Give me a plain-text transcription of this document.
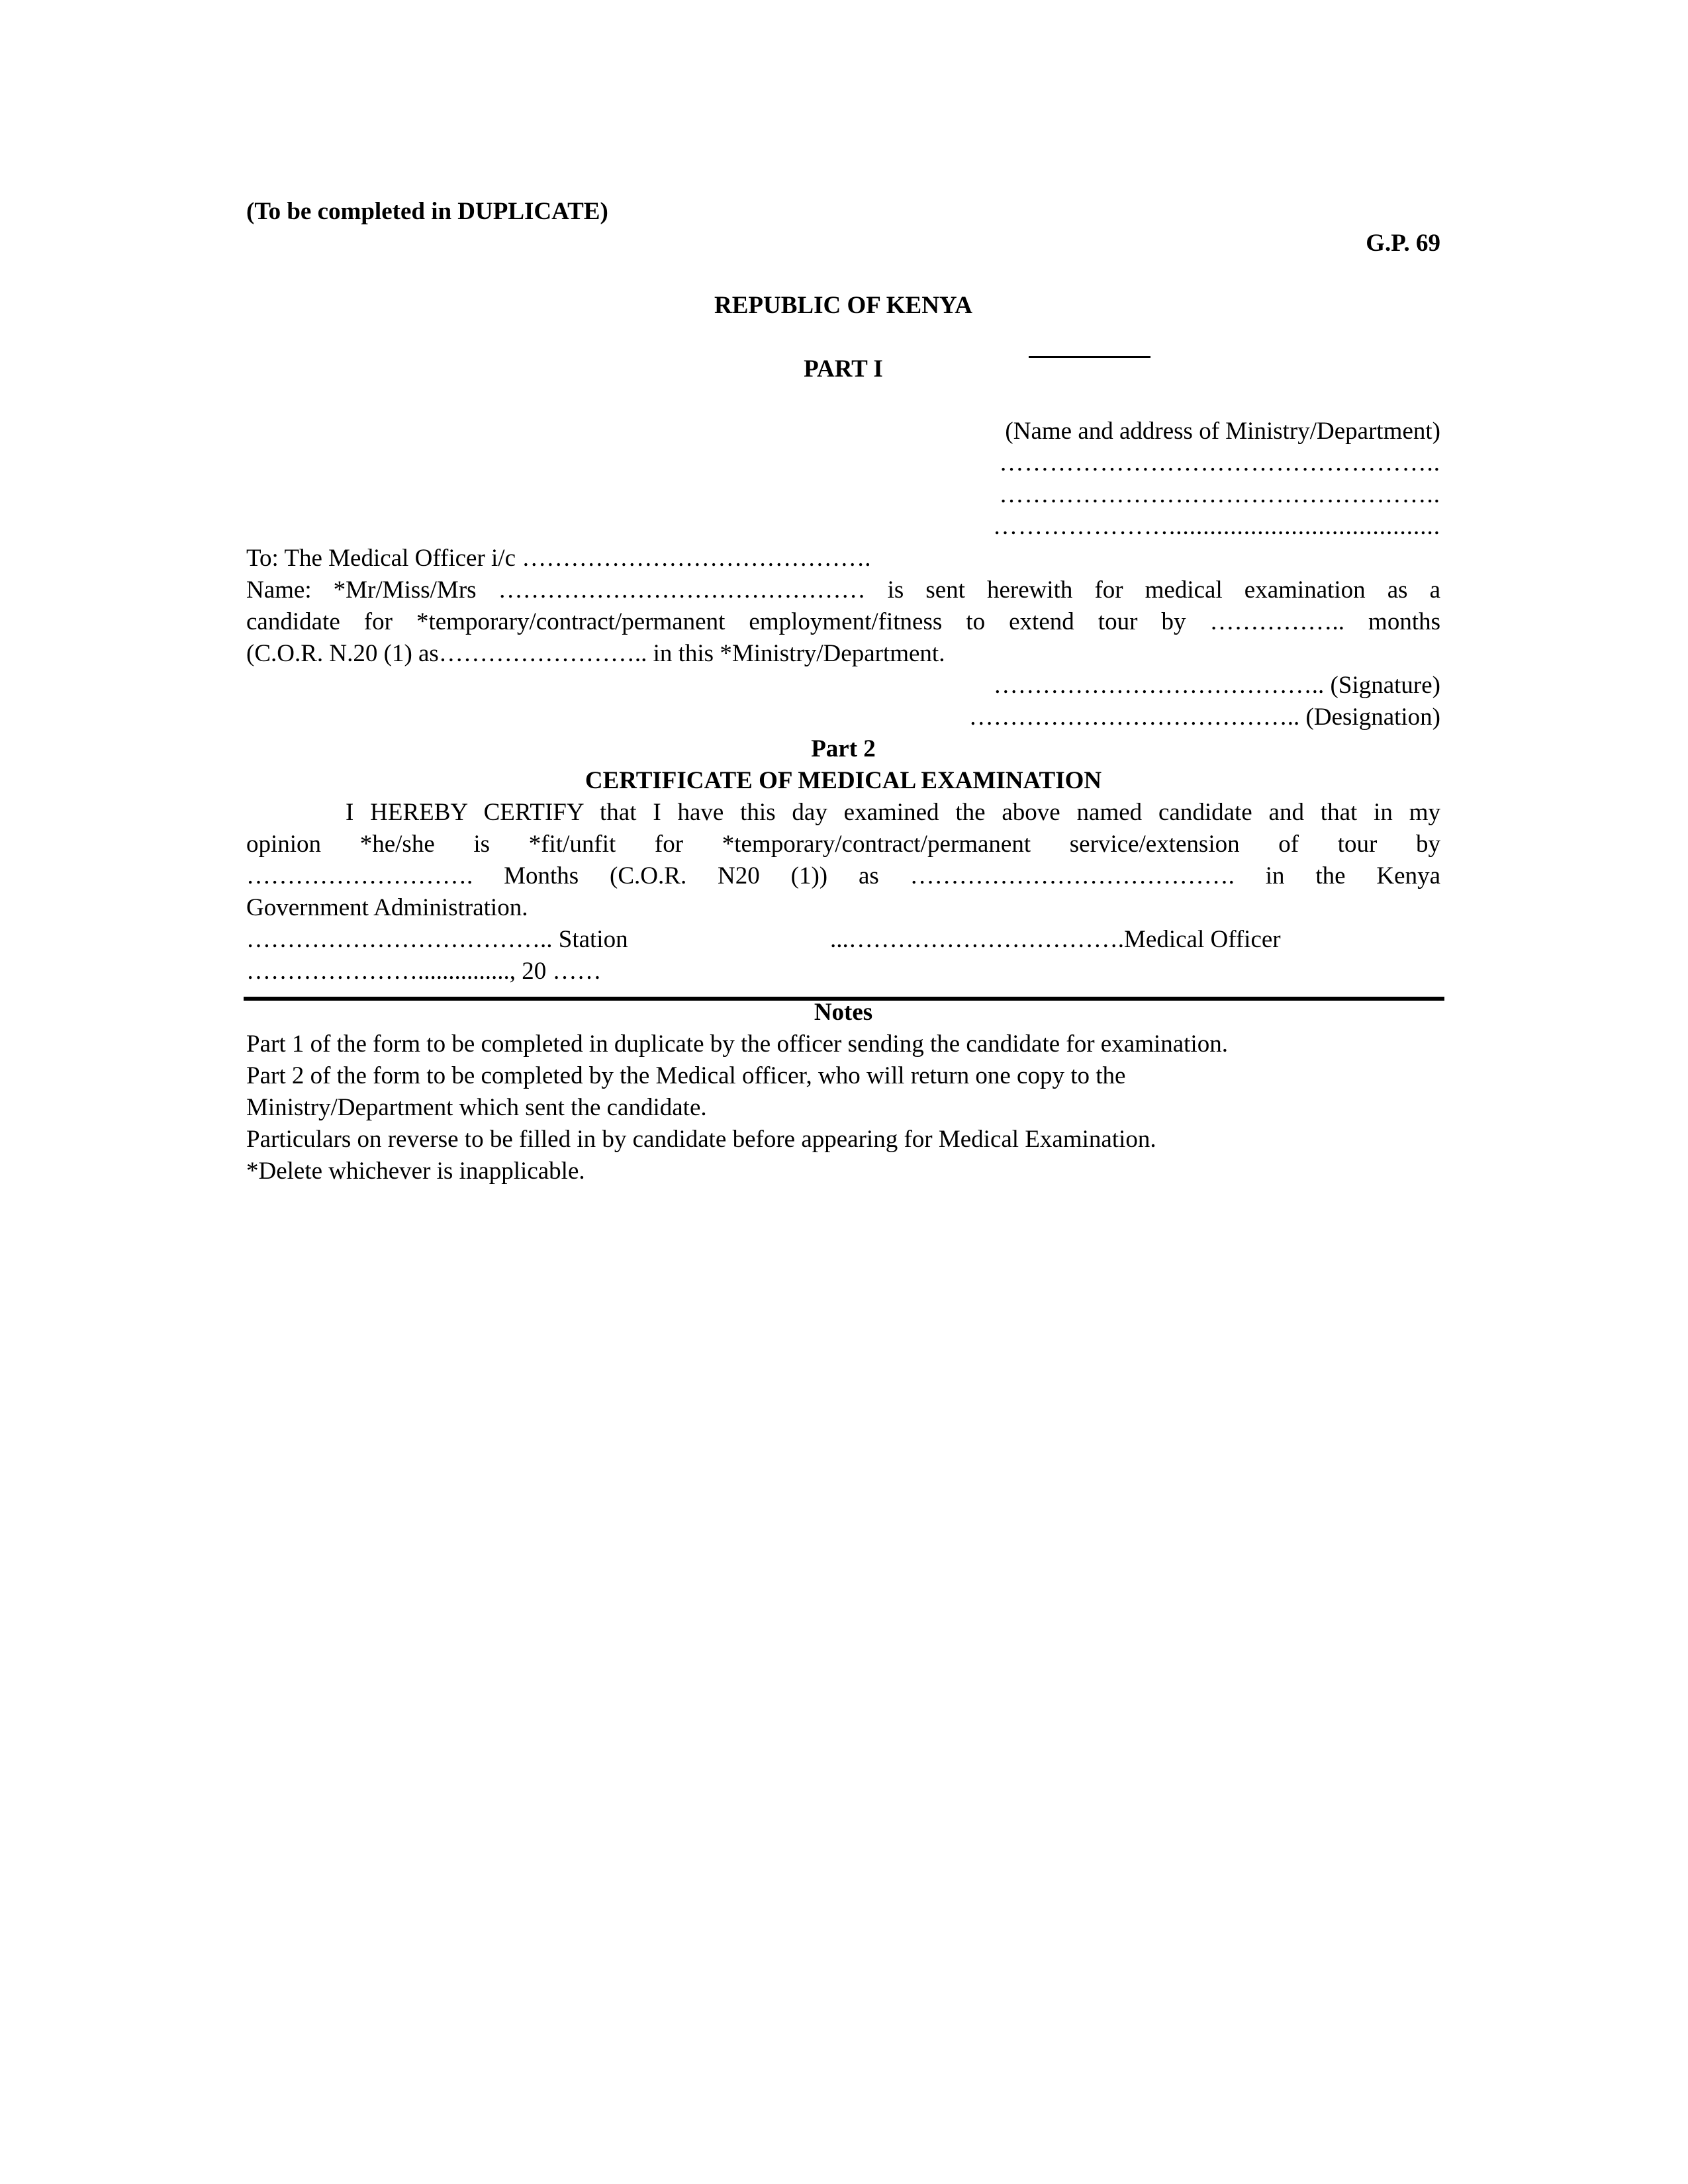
(To be completed in DUPLICATE)
G.P. 69
REPUBLIC OF KENYA
PART I
(Name and address of Ministry/Department)
……………………………………………..
……………………………………………..
…………………........................................
To: The Medical Officer i/c …………………………………….
Name: *Mr/Miss/Mrs ……………………………………… is sent herewith for medical examination as a
candidate for *temporary/contract/permanent employment/fitness to extend tour by …………….. months
(C.O.R. N.20 (1) as…………………….. in this *Ministry/Department.
………………………………….. (Signature)
………………………………….. (Designation)
Part 2
CERTIFICATE OF MEDICAL EXAMINATION
I HEREBY CERTIFY that I have this day examined the above named candidate and that in my
opinion *he/she is *fit/unfit for *temporary/contract/permanent service/extension of tour by
………………………. Months (C.O.R. N20 (1)) as …………………………………. in the Kenya
Government Administration.
……………………………….. Station	...…………………………….Medical Officer
…………………..............., 20 ……
Notes
Part 1 of the form to be completed in duplicate by the officer sending the candidate for examination.
Part 2 of the form to be completed by the Medical officer, who will return one copy to the
Ministry/Department which sent the candidate.
Particulars on reverse to be filled in by candidate before appearing for Medical Examination.
*Delete whichever is inapplicable.
